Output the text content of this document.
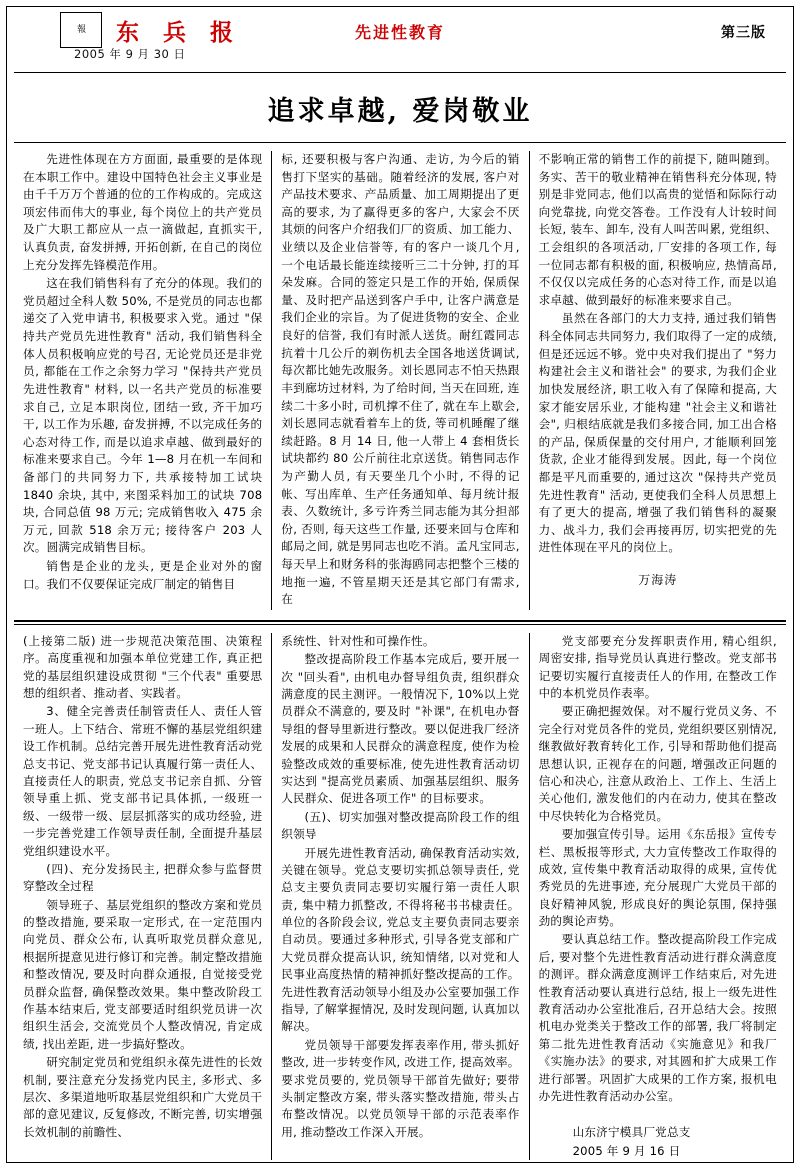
報 东 兵 报
2005 年 9 月 30 日
先进性教育	第三版
追求卓越, 爱岗敬业

先进性体现在方方面面, 最重要的是体现在本职工作中。建设中国特色社会主义事业是由千千万万个普通的位的工作构成的。完成这项宏伟而伟大的事业, 每个岗位上的共产党员及广大职工都应从一点一滴做起, 直抓实干, 认真负责, 奋发拼搏, 开拓创新, 在自己的岗位上充分发挥先锋模范作用。

这在我们销售科有了充分的体现。我们的党员超过全科人数 50%, 不是党员的同志也都递交了入党申请书, 积极要求入党。通过 "保持共产党员先进性教育" 活动, 我们销售科全体人员积极响应党的号召, 无论党员还是非党员, 都能在工作之余努力学习 "保持共产党员先进性教育" 材料, 以一名共产党员的标准要求自己, 立足本职岗位, 团结一致, 齐干加巧干, 以工作为乐趣, 奋发拼搏, 不以完成任务的心态对待工作, 而是以追求卓越、做到最好的标准来要求自己。今年 1—8 月在机一车间和备部门的共同努力下, 共承接特加工试块 1840 余块, 其中, 来图采料加工的试块 708 块, 合同总值 98 万元; 完成销售收入 475 余万元, 回款 518 余万元; 接待客户 203 人次。圆满完成销售目标。

销售是企业的龙头, 更是企业对外的窗口。我们不仅要保证完成厂制定的销售目

标, 还要积极与客户沟通、走访, 为今后的销售打下坚实的基础。随着经济的发展, 客户对产品技术要求、产品质量、加工周期提出了更高的要求, 为了赢得更多的客户, 大家会不厌其烦的问客户介绍我们厂的资质、加工能力、业绩以及企业信誉等, 有的客户一谈几个月, 一个电话最长能连续接听三二十分钟, 打的耳朵发麻。合同的签定只是工作的开始, 保质保量、及时把产品送到客户手中, 让客户满意是我们企业的宗旨。为了促进货物的安全、企业良好的信誉, 我们有时派人送货。耐红霞同志抗着十几公斤的剃伤机去全国各地送货调试, 每次都比她先改服务。刘长恩同志不怕天热跟丰到廊坊过材料, 为了给时间, 当天在回班, 连续二十多小时, 司机撑不住了, 就在车上歇会, 刘长恩同志就看着车上的货, 等司机睡醒了继续赶路。8 月 14 日, 他一人带上 4 套相货长试块都约 80 公斤前往北京送货。销售同志作为产勤人员, 有天要坐几个小时, 不得的记帐、写出库单、生产任务通知单、每月统计报表、久数统计, 多亏许秀兰同志能为其分担部份, 否则, 每天这些工作量, 还要来回与仓库和邮局之间, 就是男同志也吃不消。孟凡宝同志, 每天早上和财务科的张海鸥同志把整个三楼的地拖一遍, 不管星期天还是其它部门有需求, 在

不影响正常的销售工作的前提下, 随叫随到。务实、苦干的敬业精神在销售科充分体现, 特别是非党同志, 他们以高贵的觉悟和际际行动向党靠拢, 向党交答卷。工作没有人计较时间长短, 装车、卸车, 没有人叫苦叫累, 党组织、工会组织的各项活动, 厂安排的各项工作, 每一位同志都有积极的面, 积极响应, 热情高昂, 不仅仅以完成任务的心态对待工作, 而是以追求卓越、做到最好的标准来要求自己。

虽然在各部门的大力支持, 通过我们销售科全体同志共同努力, 我们取得了一定的成绩, 但是还远远不够。党中央对我们提出了 "努力构建社会主义和谐社会" 的要求, 为我们企业加快发展经济, 职工收入有了保障和提高, 大家才能安居乐业, 才能构建 "社会主义和谐社会", 归根结底就是我们多接合同, 加工出合格的产品, 保质保量的交付用户, 才能顺利回笼货款, 企业才能得到发展。因此, 每一个岗位都是平凡而重要的, 通过这次 "保持共产党员先进性教育" 活动, 更使我们全科人员思想上有了更大的提高, 增强了我们销售科的凝聚力、战斗力, 我们会再接再厉, 切实把党的先进性体现在平凡的岗位上。

万海涛

(上接第二版) 进一步规范决策范围、决策程序。高度重视和加强本单位党建工作, 真正把党的基层组织建设成贯彻 "三个代表" 重要思想的组织者、推动者、实践者。

3、健全完善责任制管责任人、责任人管一班人。上下结合、常班不懈的基层党组织建设工作机制。总结完善开展先进性教育活动党总支书记、党支部书记认真履行第一责任人、直接责任人的职责, 党总支书记亲自抓、分管领导重上抓、党支部书记具体抓, 一级班一级、一级带一级、层层抓落实的成功经验, 进一步完善党建工作领导责任制, 全面提升基层党组织建设水平。

(四)、充分发扬民主, 把群众参与监督贯穿整改全过程

领导班子、基层党组织的整改方案和党员的整改措施, 要采取一定形式, 在一定范围内向党员、群众公布, 认真听取党员群众意见, 根据所提意见进行修订和完善。制定整改措施和整改情况, 要及时向群众通报, 自觉接受党员群众监督, 确保整改效果。集中整改阶段工作基本结束后, 党支部要适时组织党员讲一次组织生活会, 交流党员个人整改情况, 肯定成绩, 找出差距, 进一步搞好整改。

研究制定党员和党组织永葆先进性的长效机制, 要注意充分发扬党内民主, 多形式、多层次、多渠道地听取基层党组织和广大党员干部的意见建议, 反复修改, 不断完善, 切实增强长效机制的前瞻性、

系统性、针对性和可操作性。

整改提高阶段工作基本完成后, 要开展一次 "回头看", 由机电办督导组负责, 组织群众满意度的民主测评。一般情况下, 10%以上党员群众不满意的, 要及时 "补课", 在机电办督导组的督导里新进行整改。要以促进我厂经济发展的成果和人民群众的满意程度, 使作为检验整改成效的重要标准, 使先进性教育活动切实达到 "提高党员素质、加强基层组织、服务人民群众、促进各项工作" 的目标要求。

(五)、切实加强对整改提高阶段工作的组织领导

开展先进性教育活动, 确保教育活动实效, 关键在领导。党总支要切实抓总领导责任, 党总支主要负责同志要切实履行第一责任人职责, 集中精力抓整改, 不得将秘书书棣责任。单位的各阶段会议, 党总支主要负责同志要亲自动员。要通过多种形式, 引导各党支部和广大党员群众提高认识, 统知情绪, 以对党和人民事业高度热情的精神抓好整改提高的工作。先进性教育活动领导小组及办公室要加强工作指导, 了解掌握情况, 及时发现问题, 认真加以解决。

党员领导干部要发挥表率作用, 带头抓好整改, 进一步转变作风, 改进工作, 提高效率。要求党员要的, 党员领导干部首先做好; 要带头制定整改方案, 带头落实整改措施, 带头占布整改情况。以党员领导干部的示范表率作用, 推动整改工作深入开展。

党支部要充分发挥职责作用, 精心组织, 周密安排, 指导党员认真进行整改。党支部书记要切实履行直接责任人的作用, 在整改工作中的本机党员作表率。

要正确把握效保。对不履行党员义务、不完全行对党员各件的党员, 党组织要区别情况, 继教做好教育转化工作, 引导和帮助他们提高思想认识, 正视存在的问题, 增强改正问题的信心和决心, 注意从政治上、工作上、生活上关心他们, 激发他们的内在动力, 使其在整改中尽快转化为合格党员。

要加强宣传引导。运用《东岳报》宣传专栏、黑板报等形式, 大力宣传整改工作取得的成效, 宣传集中教育活动取得的成果, 宣传优秀党员的先进事迹, 充分展现广大党员干部的良好精神风貌, 形成良好的舆论氛围, 保持强劲的舆论声势。

要认真总结工作。整改提高阶段工作完成后, 要对整个先进性教育活动进行群众满意度的测评。群众满意度测评工作结束后, 对先进性教育活动要认真进行总结, 报上一级先进性教育活动办公室批准后, 召开总结大会。按照机电办党类关于整改工作的部署, 我厂将制定第二批先进性教育活动《实施意见》和我厂《实施办法》的要求, 对其圆和扩大成果工作进行部署。巩固扩大成果的工作方案, 报机电办先进性教育活动办公室。

山东济宁模具厂党总支
2005 年 9 月 16 日
